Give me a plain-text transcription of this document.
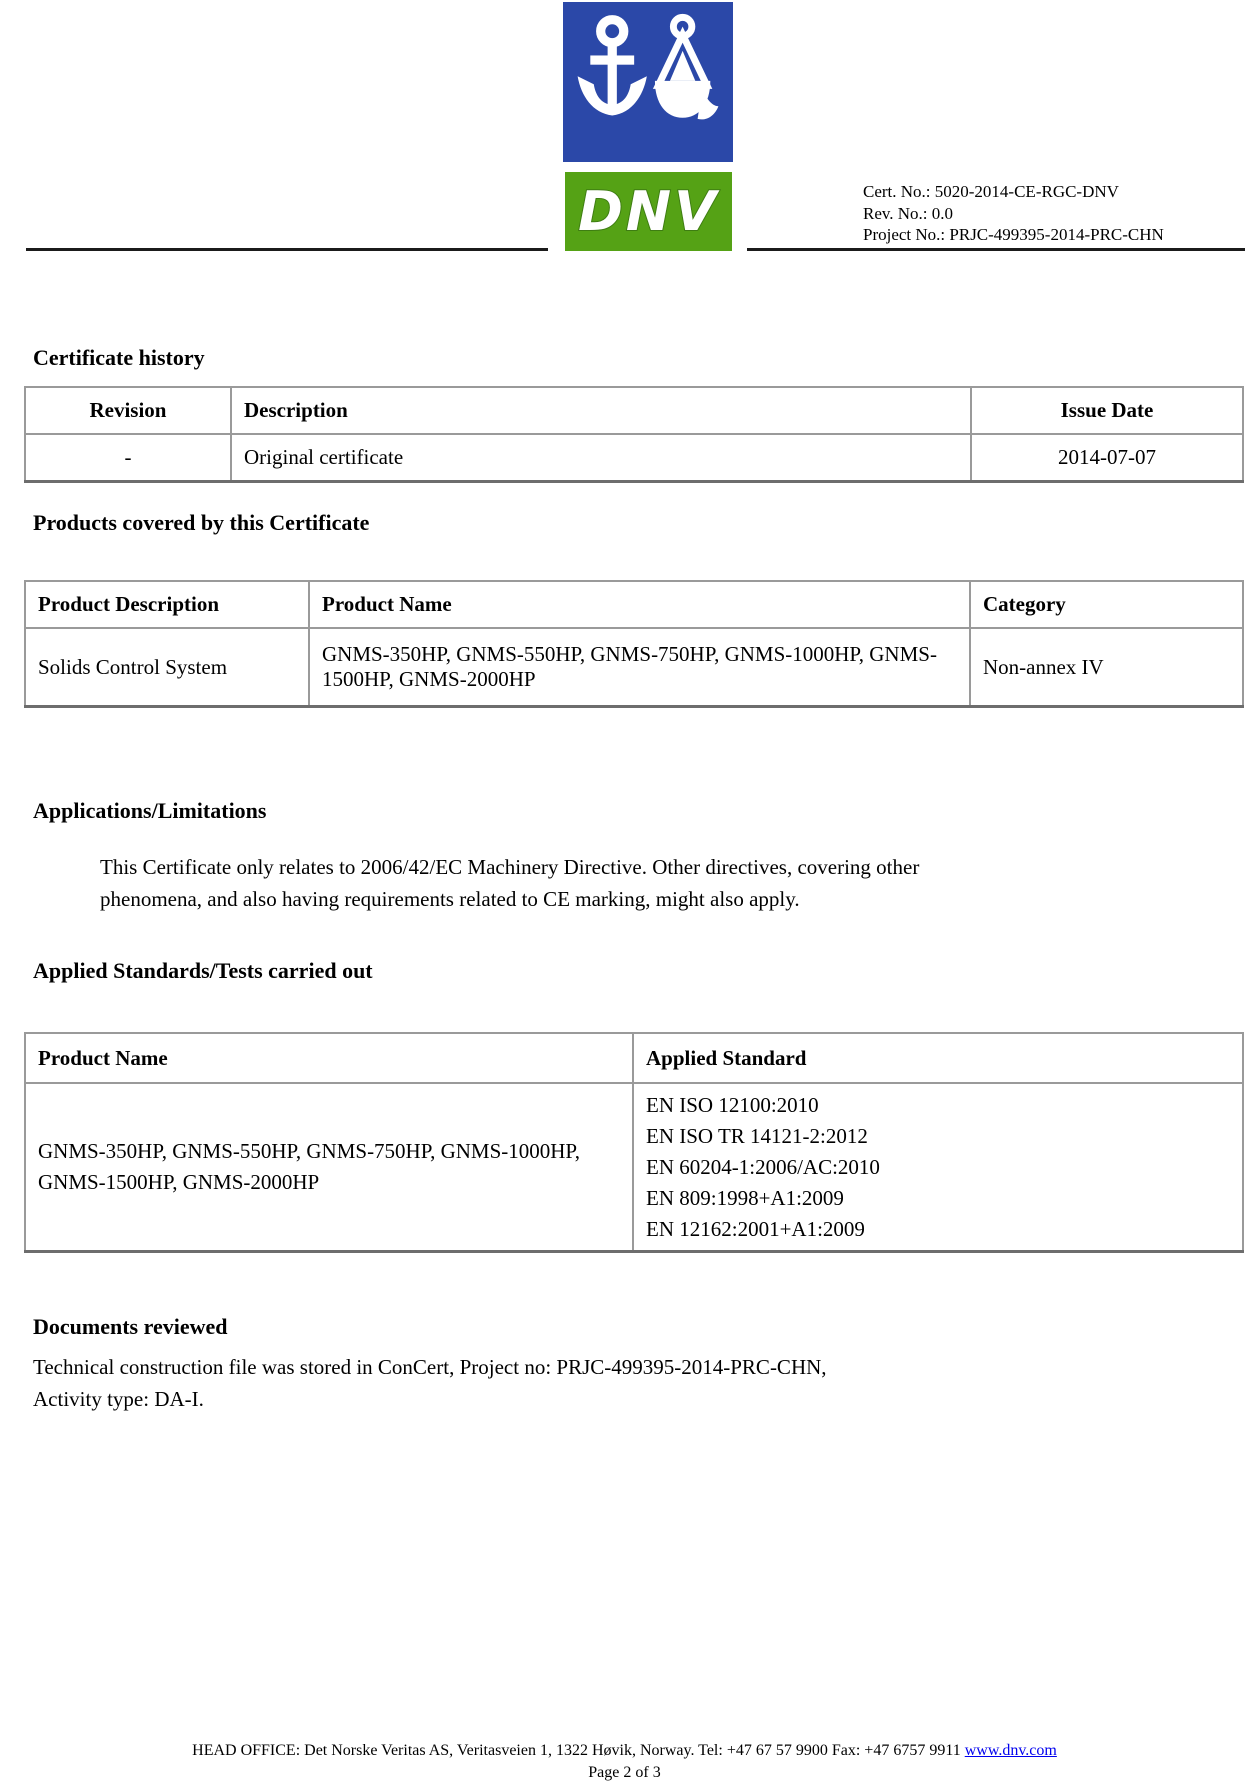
DNV	Cert. No.: 5020-2014-CE-RGC-DNV
Rev. No.: 0.0
Project No.: PRJC-499395-2014-PRC-CHN
Certificate history
Revision	Description	Issue Date
-	Original certificate	2014-07-07
Products covered by this Certificate
Product Description	Product Name	Category
Solids Control System	GNMS-350HP, GNMS-550HP, GNMS-750HP, GNMS-1000HP, GNMS-1500HP, GNMS-2000HP	Non-annex IV
Applications/Limitations
This Certificate only relates to 2006/42/EC Machinery Directive. Other directives, covering other
phenomena, and also having requirements related to CE marking, might also apply.
Applied Standards/Tests carried out
Product Name	Applied Standard
GNMS-350HP, GNMS-550HP, GNMS-750HP, GNMS-1000HP, GNMS-1500HP, GNMS-2000HP	EN ISO 12100:2010
EN ISO TR 14121-2:2012
EN 60204-1:2006/AC:2010
EN 809:1998+A1:2009
EN 12162:2001+A1:2009
Documents reviewed
Technical construction file was stored in ConCert, Project no: PRJC-499395-2014-PRC-CHN,
Activity type: DA-I.
HEAD OFFICE: Det Norske Veritas AS, Veritasveien 1, 1322 Høvik, Norway. Tel: +47 67 57 9900 Fax: +47 6757 9911 www.dnv.com
Page 2 of 3
